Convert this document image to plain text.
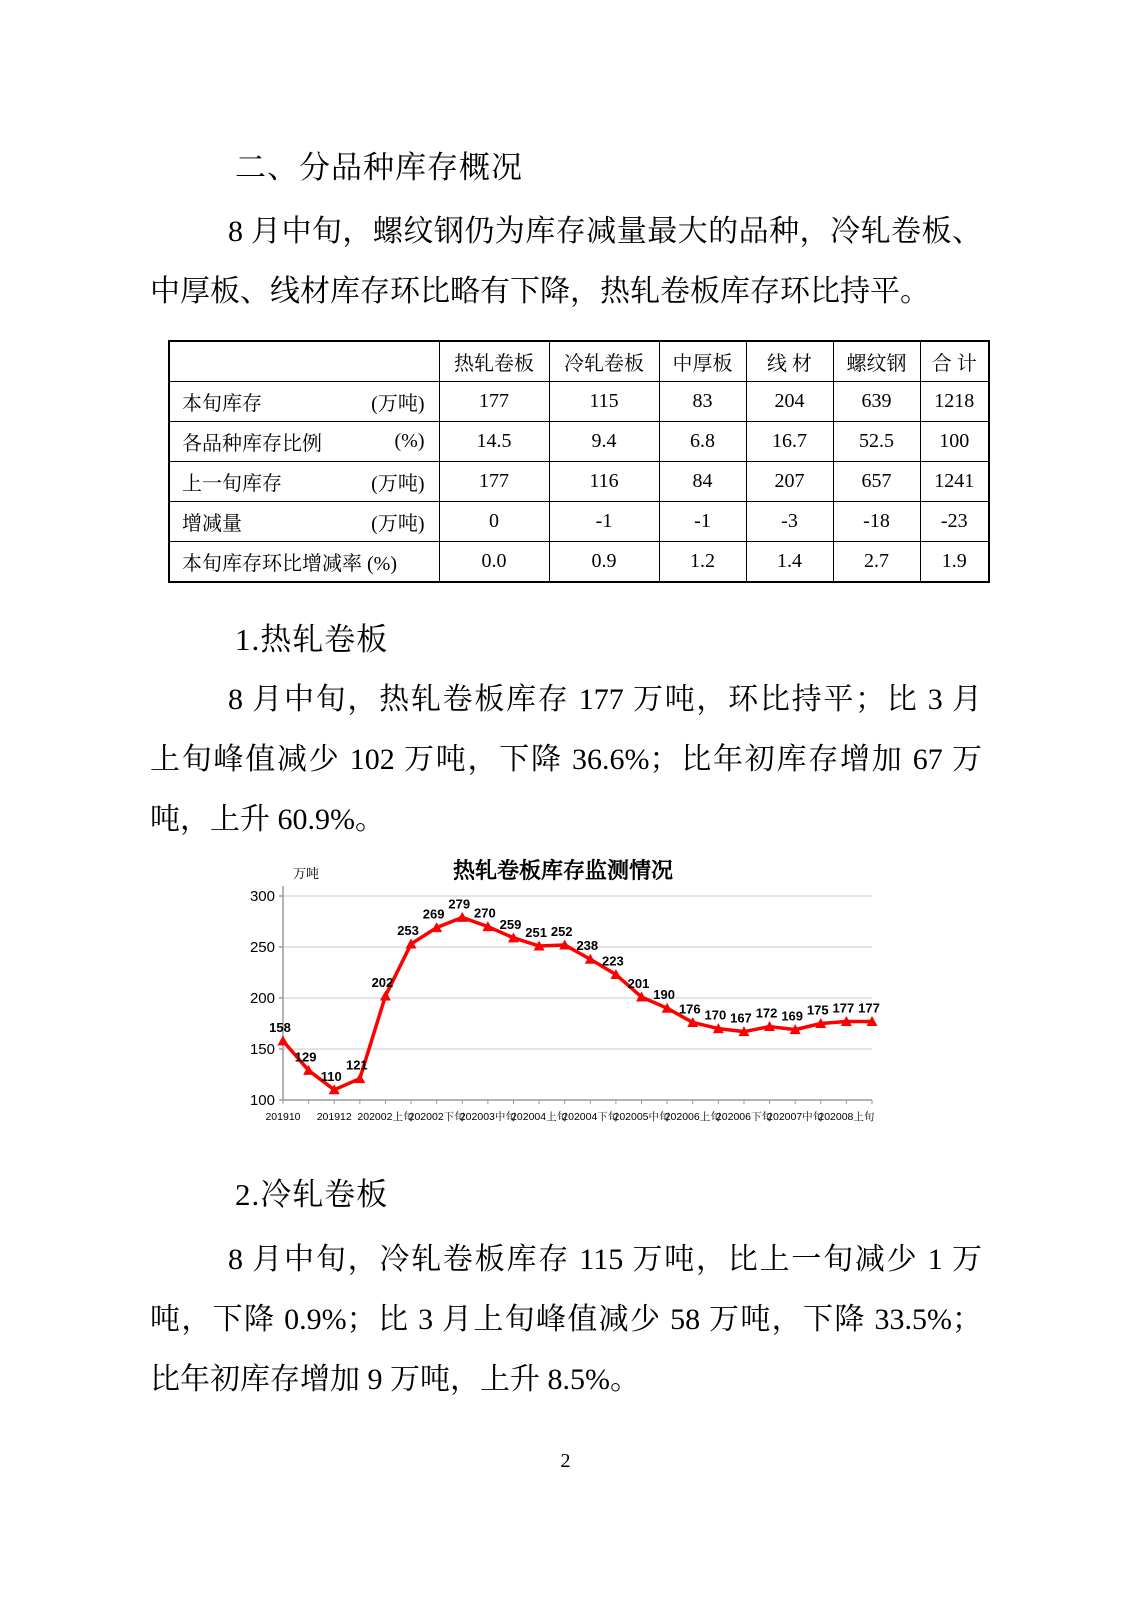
二、分品种库存概况
8 月中旬，螺纹钢仍为库存减量最大的品种，冷轧卷板、
中厚板、线材库存环比略有下降，热轧卷板库存环比持平。
	热轧卷板	冷轧卷板	中厚板	线 材	螺纹钢	合 计

本旬库存 (万吨)	177	115	83	204	639	1218

各品种库存比例 (%)	14.5	9.4	6.8	16.7	52.5	100

上一旬库存 (万吨)	177	116	84	207	657	1241

增减量 (万吨)	0	-1	-1	-3	-18	-23

本旬库存环比增减率 (%)	0.0	0.9	1.2	1.4	2.7	1.9
1.热轧卷板
8 月中旬，热轧卷板库存 177 万吨，环比持平；比 3 月
上旬峰值减少 102 万吨，下降 36.6%；比年初库存增加 67 万
吨，上升 60.9%。
100
150
200
250
300
201910 201912 202002上旬
202002下旬
202003中旬
202004上旬
202004下旬
202005中旬
202006上旬
202006下旬
202007中旬
202008上旬
158
129
110
121
202
253
269
279
270
259
251 252
238
223
201
190
176 170 167 172 169 175 177 177
热轧卷板库存监测情况
万吨
2.冷轧卷板
8 月中旬，冷轧卷板库存 115 万吨，比上一旬减少 1 万
吨，下降 0.9%；比 3 月上旬峰值减少 58 万吨，下降 33.5%；
比年初库存增加 9 万吨，上升 8.5%。
2
